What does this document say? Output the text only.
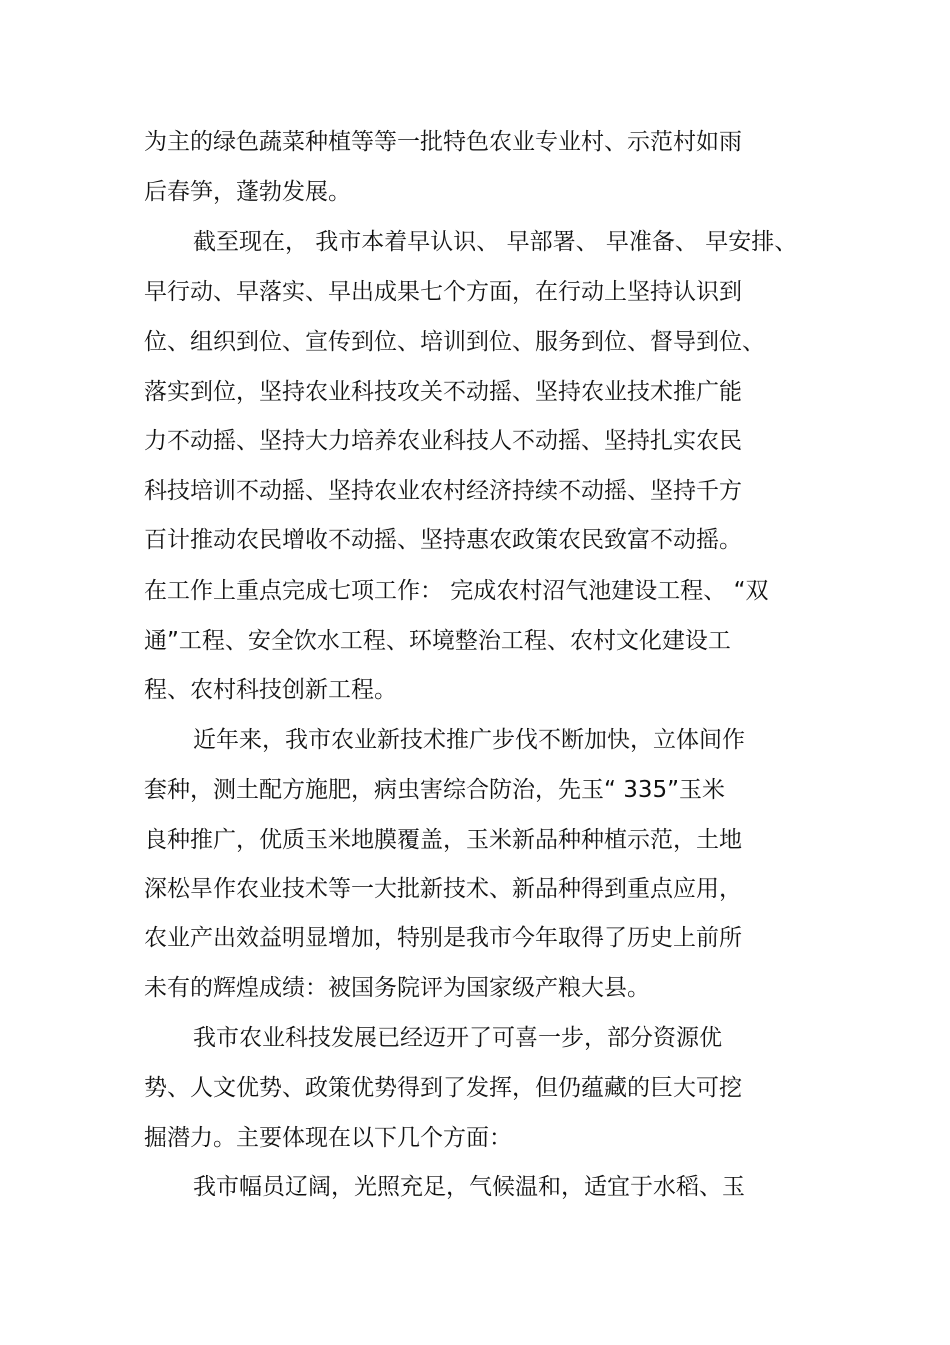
为主的绿色蔬菜种植等等一批特色农业专业村、示范村如雨
后春笋，蓬勃发展。
截至现在， 我市本着早认识、 早部署、 早准备、 早安排、
早行动、早落实、早出成果七个方面，在行动上坚持认识到
位、组织到位、宣传到位、培训到位、服务到位、督导到位、
落实到位，坚持农业科技攻关不动摇、坚持农业技术推广能
力不动摇、坚持大力培养农业科技人不动摇、坚持扎实农民
科技培训不动摇、坚持农业农村经济持续不动摇、坚持千方
百计推动农民增收不动摇、坚持惠农政策农民致富不动摇。
在工作上重点完成七项工作： 完成农村沼气池建设工程、 “双
通”工程、安全饮水工程、环境整治工程、农村文化建设工
程、农村科技创新工程。
近年来，我市农业新技术推广步伐不断加快，立体间作
套种，测土配方施肥，病虫害综合防治，先玉“ 335”玉米
良种推广，优质玉米地膜覆盖，玉米新品种种植示范，土地
深松旱作农业技术等一大批新技术、新品种得到重点应用，
农业产出效益明显增加，特别是我市今年取得了历史上前所
未有的辉煌成绩：被国务院评为国家级产粮大县。
我市农业科技发展已经迈开了可喜一步，部分资源优
势、人文优势、政策优势得到了发挥，但仍蕴藏的巨大可挖
掘潜力。主要体现在以下几个方面：
我市幅员辽阔，光照充足，气候温和，适宜于水稻、玉
